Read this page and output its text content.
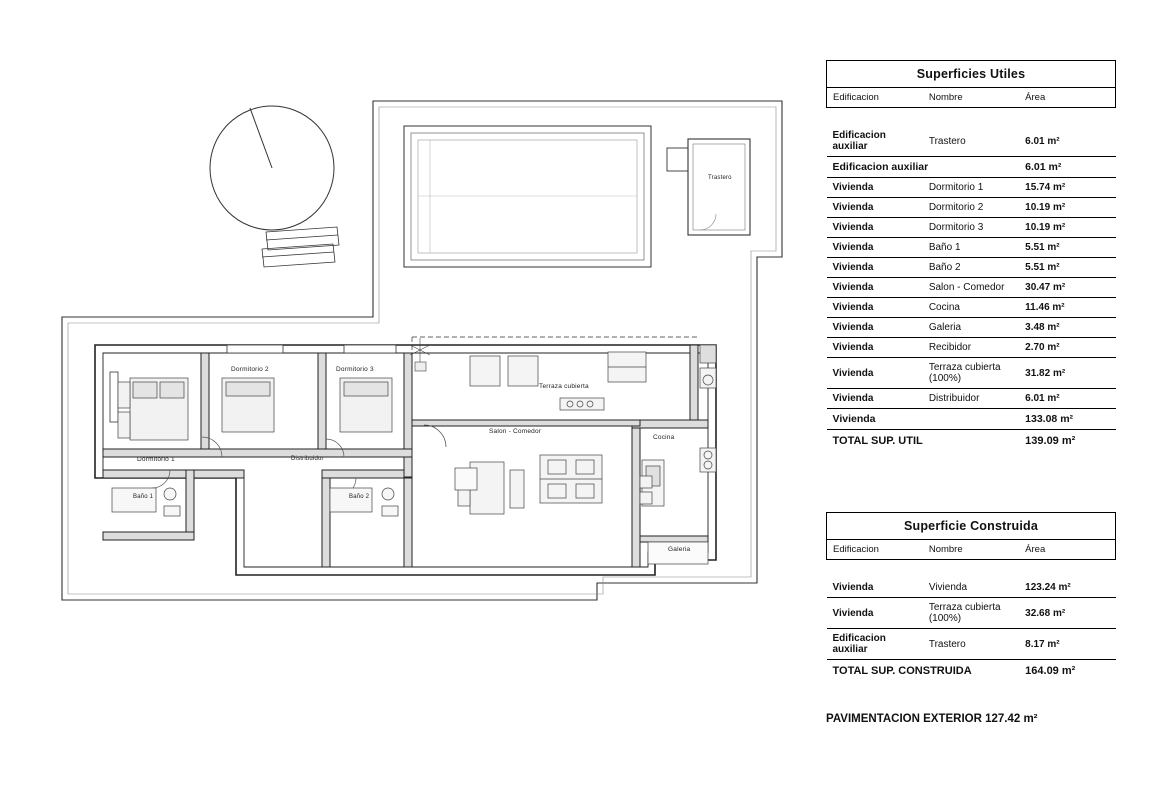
Trastero
Dormitorio 1
Dormitorio 2	Dormitorio 3
Baño 1	Baño 2
Distribuidor
Salon - Comedor
Cocina
Galeria
Terraza cubierta
Superficies Utiles
Edificacion	Nombre	Área

Edificacion auxiliar	Trastero	6.01 m²
Edificacion auxiliar		6.01 m²
Vivienda	Dormitorio 1	15.74 m²
Vivienda	Dormitorio 2	10.19 m²
Vivienda	Dormitorio 3	10.19 m²
Vivienda	Baño 1	5.51 m²
Vivienda	Baño 2	5.51 m²
Vivienda	Salon - Comedor	30.47 m²
Vivienda	Cocina	11.46 m²
Vivienda	Galeria	3.48 m²
Vivienda	Recibidor	2.70 m²
Vivienda	Terraza cubierta (100%)	31.82 m²
Vivienda	Distribuidor	6.01 m²
Vivienda		133.08 m²
TOTAL SUP. UTIL		139.09 m²
Superficie Construida
Edificacion	Nombre	Área

Vivienda	Vivienda	123.24 m²
Vivienda	Terraza cubierta (100%)	32.68 m²
Edificacion auxiliar	Trastero	8.17 m²
TOTAL SUP. CONSTRUIDA		164.09 m²
PAVIMENTACION EXTERIOR 127.42 m²
